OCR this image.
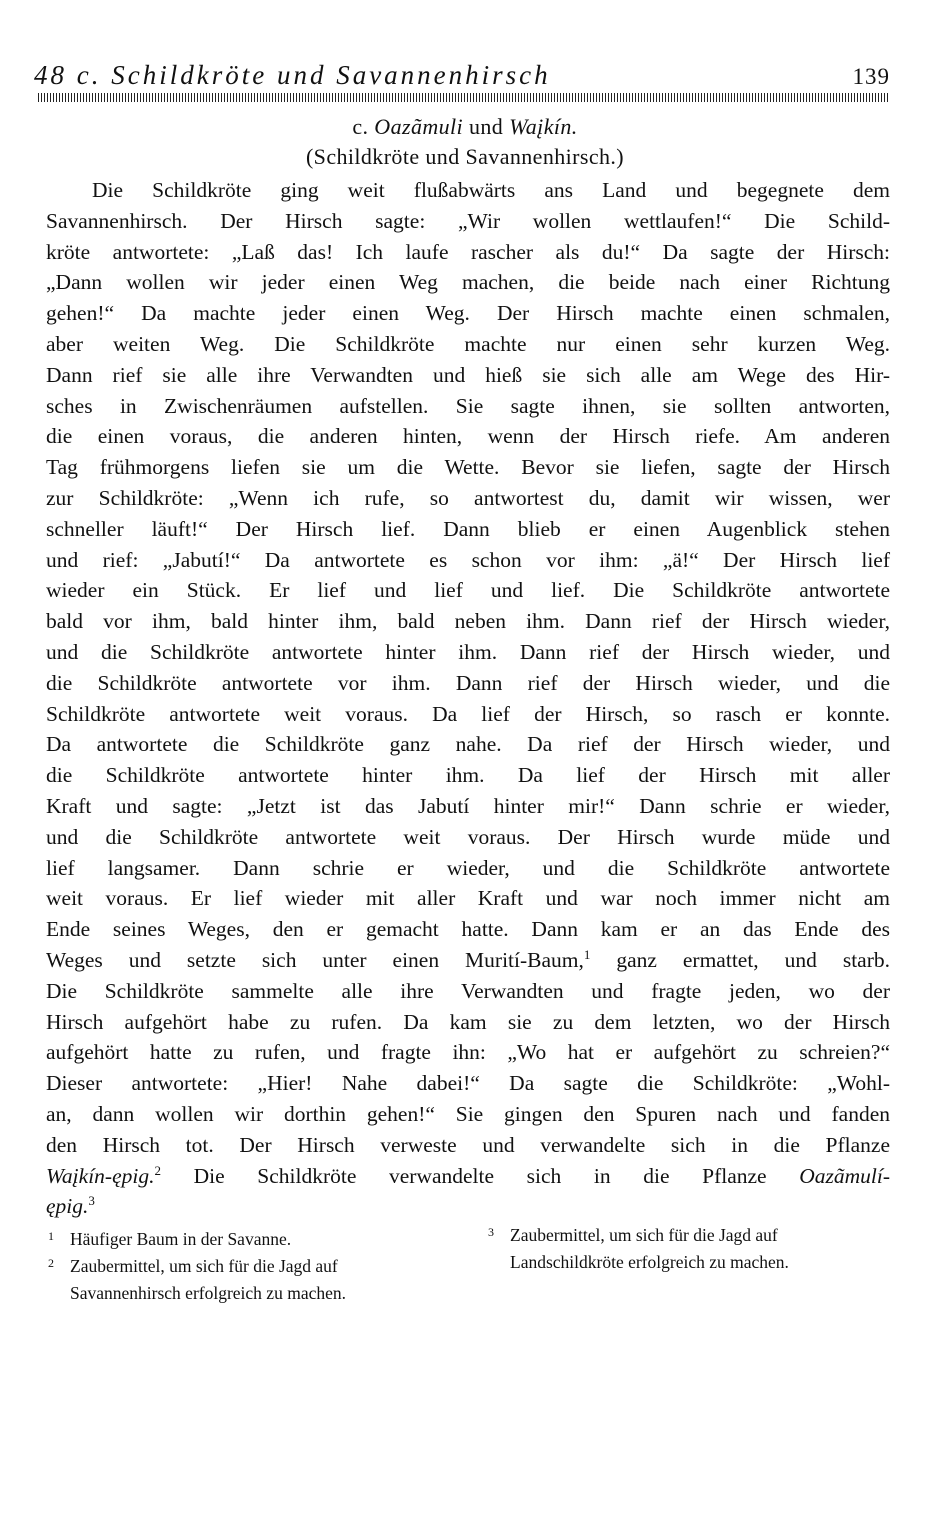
48 c. Schildkröte und Savannenhirsch	139
c. Oazãmuli und Waįkín.
(Schildkröte und Savannenhirsch.)
Die Schildkröte ging weit flußabwärts ans Land und begegnete dem
Savannenhirsch. Der Hirsch sagte: „Wir wollen wettlaufen!“ Die Schild-
kröte antwortete: „Laß das! Ich laufe rascher als du!“ Da sagte der Hirsch:
„Dann wollen wir jeder einen Weg machen, die beide nach einer Richtung
gehen!“ Da machte jeder einen Weg. Der Hirsch machte einen schmalen,
aber weiten Weg. Die Schildkröte machte nur einen sehr kurzen Weg.
Dann rief sie alle ihre Verwandten und hieß sie sich alle am Wege des Hir-
sches in Zwischenräumen aufstellen. Sie sagte ihnen, sie sollten antworten,
die einen voraus, die anderen hinten, wenn der Hirsch riefe. Am anderen
Tag frühmorgens liefen sie um die Wette. Bevor sie liefen, sagte der Hirsch
zur Schildkröte: „Wenn ich rufe, so antwortest du, damit wir wissen, wer
schneller läuft!“ Der Hirsch lief. Dann blieb er einen Augenblick stehen
und rief: „Jabutí!“ Da antwortete es schon vor ihm: „ä!“ Der Hirsch lief
wieder ein Stück. Er lief und lief und lief. Die Schildkröte antwortete
bald vor ihm, bald hinter ihm, bald neben ihm. Dann rief der Hirsch wieder,
und die Schildkröte antwortete hinter ihm. Dann rief der Hirsch wieder, und
die Schildkröte antwortete vor ihm. Dann rief der Hirsch wieder, und die
Schildkröte antwortete weit voraus. Da lief der Hirsch, so rasch er konnte.
Da antwortete die Schildkröte ganz nahe. Da rief der Hirsch wieder, und
die Schildkröte antwortete hinter ihm. Da lief der Hirsch mit aller
Kraft und sagte: „Jetzt ist das Jabutí hinter mir!“ Dann schrie er wieder,
und die Schildkröte antwortete weit voraus. Der Hirsch wurde müde und
lief langsamer. Dann schrie er wieder, und die Schildkröte antwortete
weit voraus. Er lief wieder mit aller Kraft und war noch immer nicht am
Ende seines Weges, den er gemacht hatte. Dann kam er an das Ende des
Weges und setzte sich unter einen Murití-Baum,$^1$ ganz ermattet, und starb.
Die Schildkröte sammelte alle ihre Verwandten und fragte jeden, wo der
Hirsch aufgehört habe zu rufen. Da kam sie zu dem letzten, wo der Hirsch
aufgehört hatte zu rufen, und fragte ihn: „Wo hat er aufgehört zu schreien?“
Dieser antwortete: „Hier! Nahe dabei!“ Da sagte die Schildkröte: „Wohl-
an, dann wollen wir dorthin gehen!“ Sie gingen den Spuren nach und fanden
den Hirsch tot. Der Hirsch verweste und verwandelte sich in die Pflanze
Waįkín-ępig.$^2$ Die Schildkröte verwandelte sich in die Pflanze Oazãmulí-
ępig.$^3$
1 Häufiger Baum in der Savanne.
2 Zaubermittel, um sich für die Jagd auf
Savannenhirsch erfolgreich zu machen.
3 Zaubermittel, um sich für die Jagd auf
Landschildkröte erfolgreich zu machen.
